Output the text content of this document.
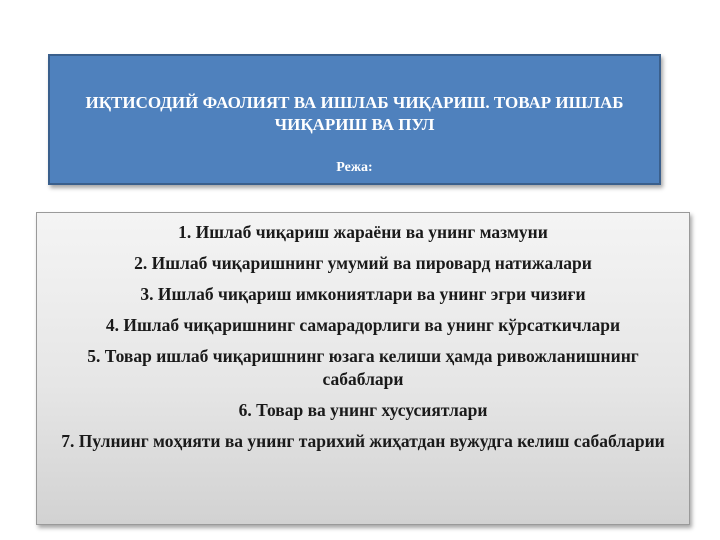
ИҚТИСОДИЙ ФАОЛИЯТ ВА ИШЛАБ ЧИҚАРИШ. ТОВАР ИШЛАБ ЧИҚАРИШ ВА ПУЛ
Режа:
1. Ишлаб чиқариш жараёни ва унинг мазмуни
2. Ишлаб чиқаришнинг умумий ва пировард натижалари
3. Ишлаб чиқариш имкониятлари ва унинг эгри чизиғи
4. Ишлаб чиқаришнинг самарадорлиги ва унинг кўрсаткичлари
5. Товар ишлаб чиқаришнинг юзага келиши ҳамда ривожланишнинг сабаблари
6. Товар ва унинг хусусиятлари
7. Пулнинг моҳияти ва унинг тарихий жиҳатдан вужудга келиш сабабларии
